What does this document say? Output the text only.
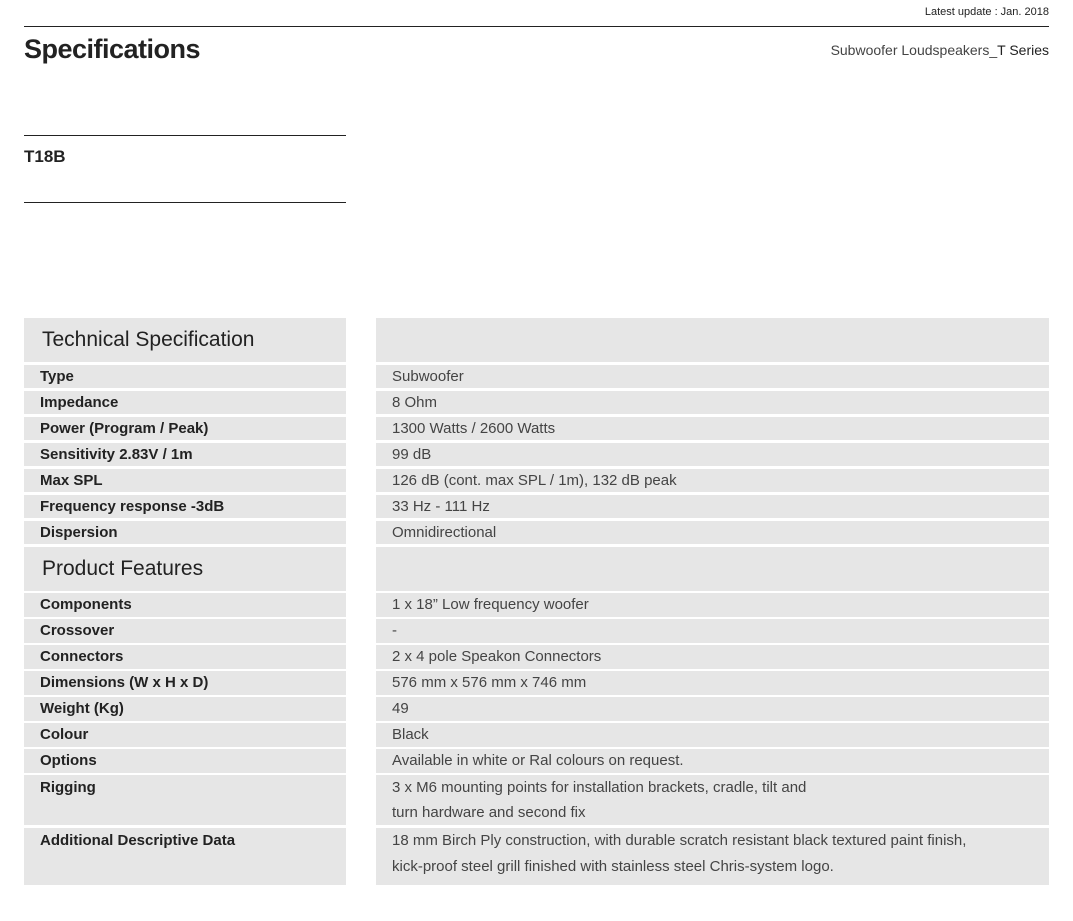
Latest update : Jan. 2018
Specifications	Subwoofer Loudspeakers_T Series
T18B
Technical Specification
Type
Impedance
Power (Program / Peak)
Sensitivity 2.83V / 1m
Max SPL
Frequency response -3dB
Dispersion
Product Features
Components
Crossover
Connectors
Dimensions (W x H x D)
Weight (Kg)
Colour
Options
Rigging
Additional Descriptive Data
Subwoofer
8 Ohm
1300 Watts / 2600 Watts
99 dB
126 dB (cont. max SPL / 1m), 132 dB peak
33 Hz - 111 Hz
Omnidirectional
1 x 18” Low frequency woofer
-
2 x 4 pole Speakon Connectors
576 mm x 576 mm x 746 mm
49
Black
Available in white or Ral colours on request.
3 x M6 mounting points for installation brackets, cradle, tilt and
turn hardware and second fix
18 mm Birch Ply construction, with durable scratch resistant black textured paint finish,
kick-proof steel grill finished with stainless steel Chris-system logo.
